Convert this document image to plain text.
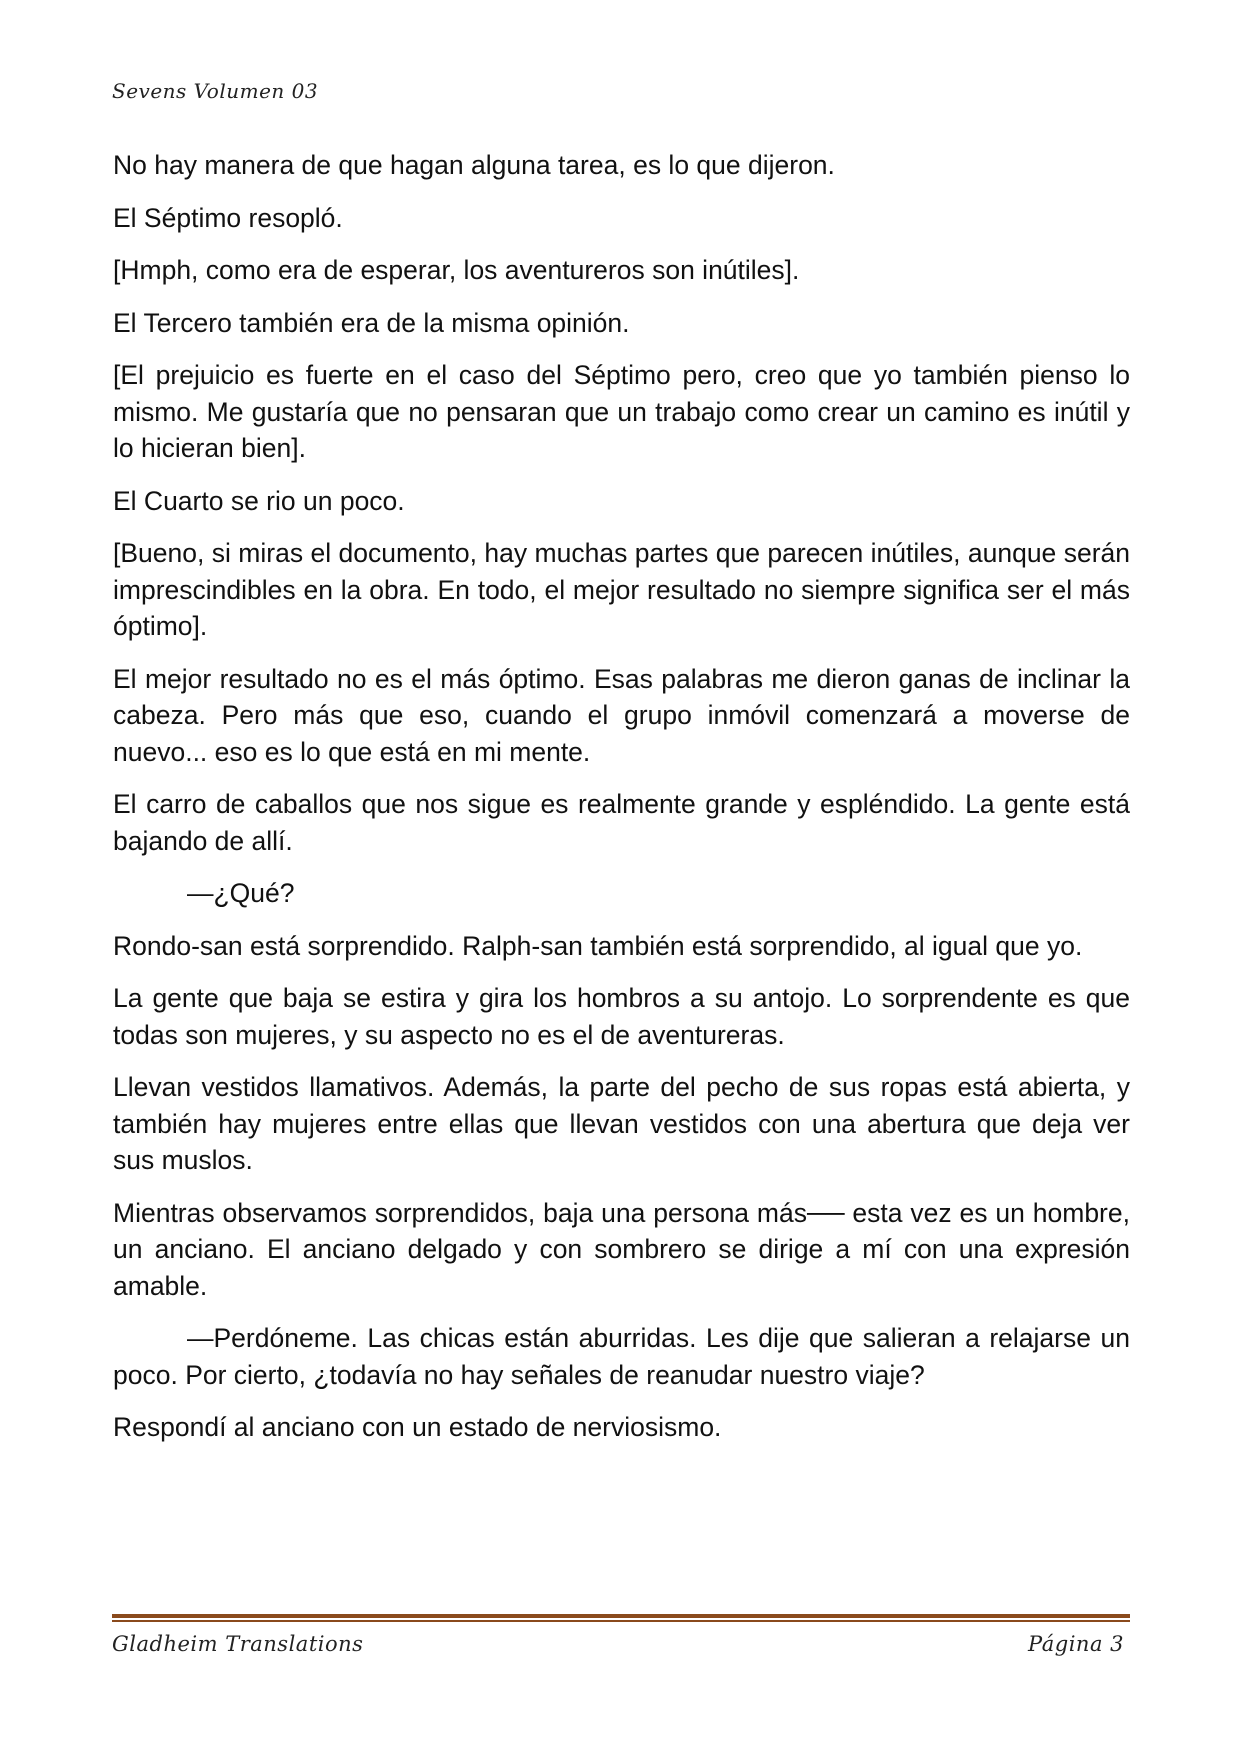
Sevens Volumen 03

No hay manera de que hagan alguna tarea, es lo que dijeron.

El Séptimo resopló.

[Hmph, como era de esperar, los aventureros son inútiles].

El Tercero también era de la misma opinión.

[El prejuicio es fuerte en el caso del Séptimo pero, creo que yo también pienso lo mismo. Me gustaría que no pensaran que un trabajo como crear un camino es inútil y lo hicieran bien].

El Cuarto se rio un poco.

[Bueno, si miras el documento, hay muchas partes que parecen inútiles, aunque serán imprescindibles en la obra. En todo, el mejor resultado no siempre significa ser el más óptimo].

El mejor resultado no es el más óptimo. Esas palabras me dieron ganas de inclinar la cabeza. Pero más que eso, cuando el grupo inmóvil comenzará a moverse de nuevo... eso es lo que está en mi mente.

El carro de caballos que nos sigue es realmente grande y espléndido. La gente está bajando de allí.

—¿Qué?

Rondo-san está sorprendido. Ralph-san también está sorprendido, al igual que yo.

La gente que baja se estira y gira los hombros a su antojo. Lo sorprendente es que todas son mujeres, y su aspecto no es el de aventureras.

Llevan vestidos llamativos. Además, la parte del pecho de sus ropas está abierta, y también hay mujeres entre ellas que llevan vestidos con una abertura que deja ver sus muslos.

Mientras observamos sorprendidos, baja una persona más── esta vez es un hombre, un anciano. El anciano delgado y con sombrero se dirige a mí con una expresión amable.

—Perdóneme. Las chicas están aburridas. Les dije que salieran a relajarse un poco. Por cierto, ¿todavía no hay señales de reanudar nuestro viaje?

Respondí al anciano con un estado de nerviosismo.

Gladheim Translations	Página 3
